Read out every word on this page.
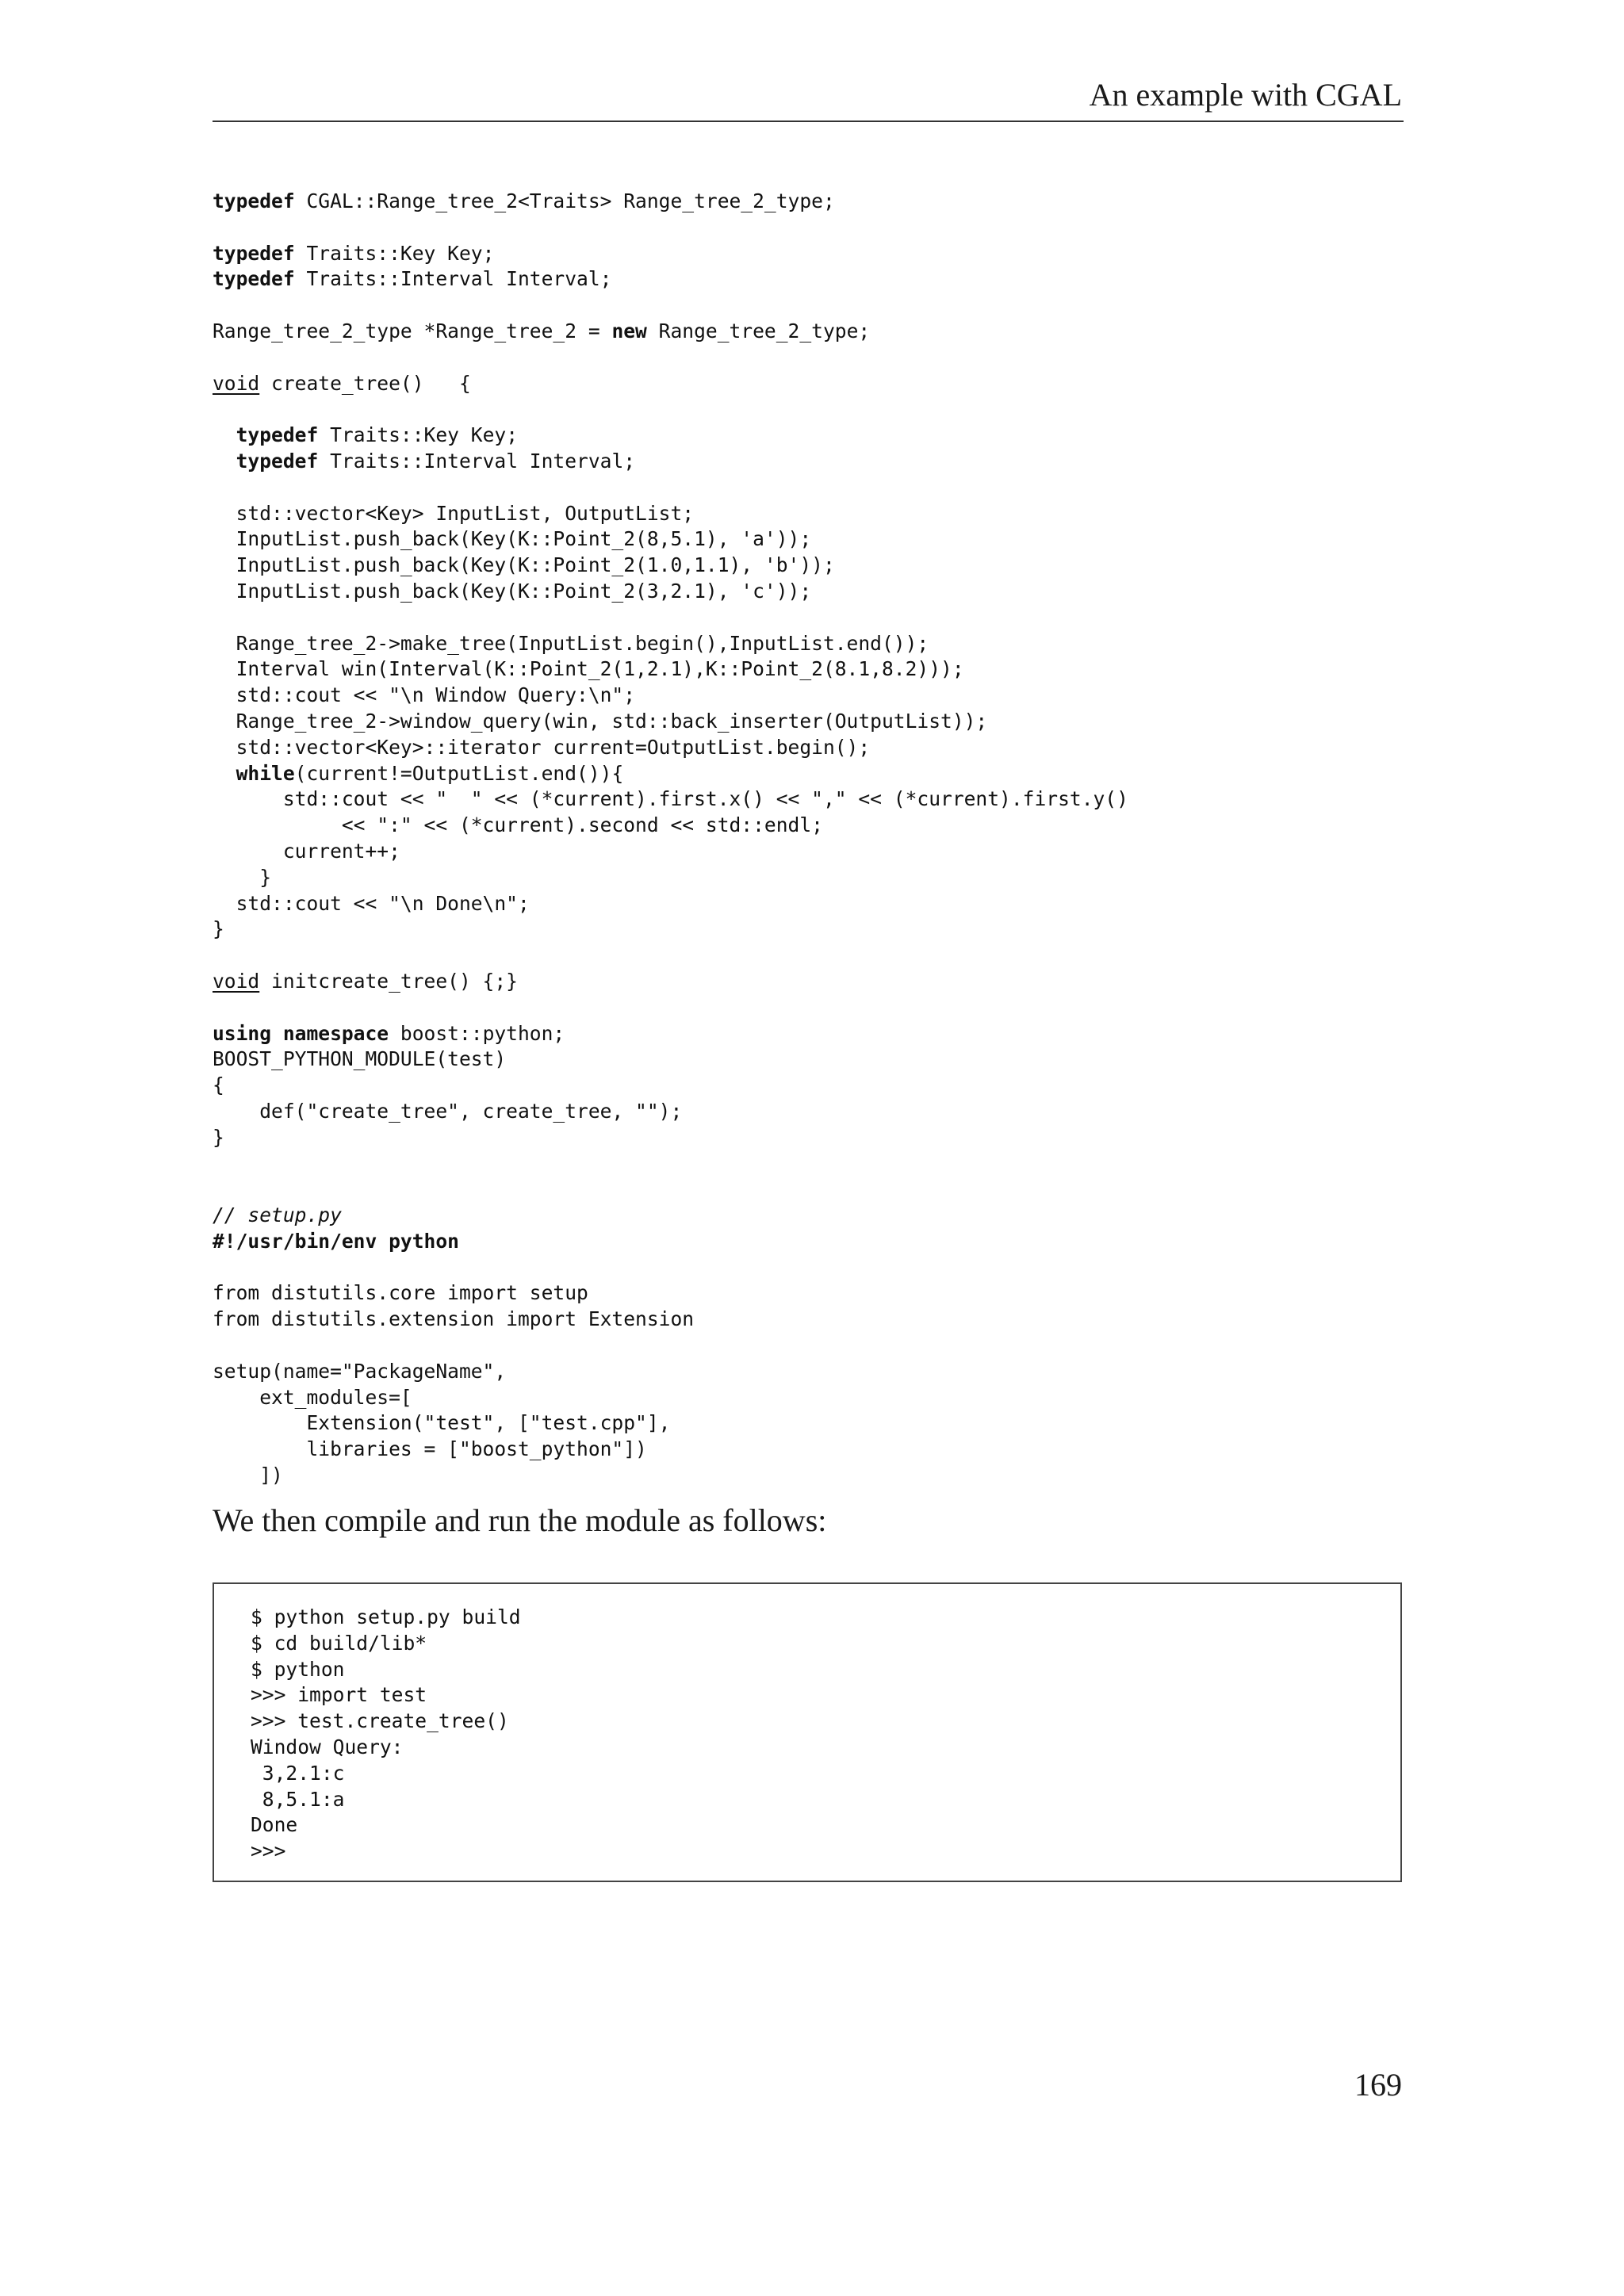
An example with CGAL
typedef CGAL::Range_tree_2<Traits> Range_tree_2_type;
typedef Traits::Key Key;
typedef Traits::Interval Interval;
Range_tree_2_type *Range_tree_2 = new Range_tree_2_type;
void create_tree()   {
typedef Traits::Key Key;
typedef Traits::Interval Interval;
std::vector<Key> InputList, OutputList;
InputList.push_back(Key(K::Point_2(8,5.1), 'a'));
InputList.push_back(Key(K::Point_2(1.0,1.1), 'b'));
InputList.push_back(Key(K::Point_2(3,2.1), 'c'));
Range_tree_2->make_tree(InputList.begin(),InputList.end());
Interval win(Interval(K::Point_2(1,2.1),K::Point_2(8.1,8.2)));
std::cout << "\n Window Query:\n";
Range_tree_2->window_query(win, std::back_inserter(OutputList));
std::vector<Key>::iterator current=OutputList.begin();
while(current!=OutputList.end()){
std::cout << "  " << (*current).first.x() << "," << (*current).first.y()
<< ":" << (*current).second << std::endl;
current++;
}
std::cout << "\n Done\n";
}
void initcreate_tree() {;}
using namespace boost::python;
BOOST_PYTHON_MODULE(test)
{
def("create_tree", create_tree, "");
}
// setup.py
#!/usr/bin/env python
from distutils.core import setup
from distutils.extension import Extension
setup(name="PackageName",
ext_modules=[
Extension("test", ["test.cpp"],
libraries = ["boost_python"])
])

We then compile and run the module as follows:

$ python setup.py build
$ cd build/lib*
$ python
>>> import test
>>> test.create_tree()
Window Query:
3,2.1:c
8,5.1:a
Done
>>>
169
